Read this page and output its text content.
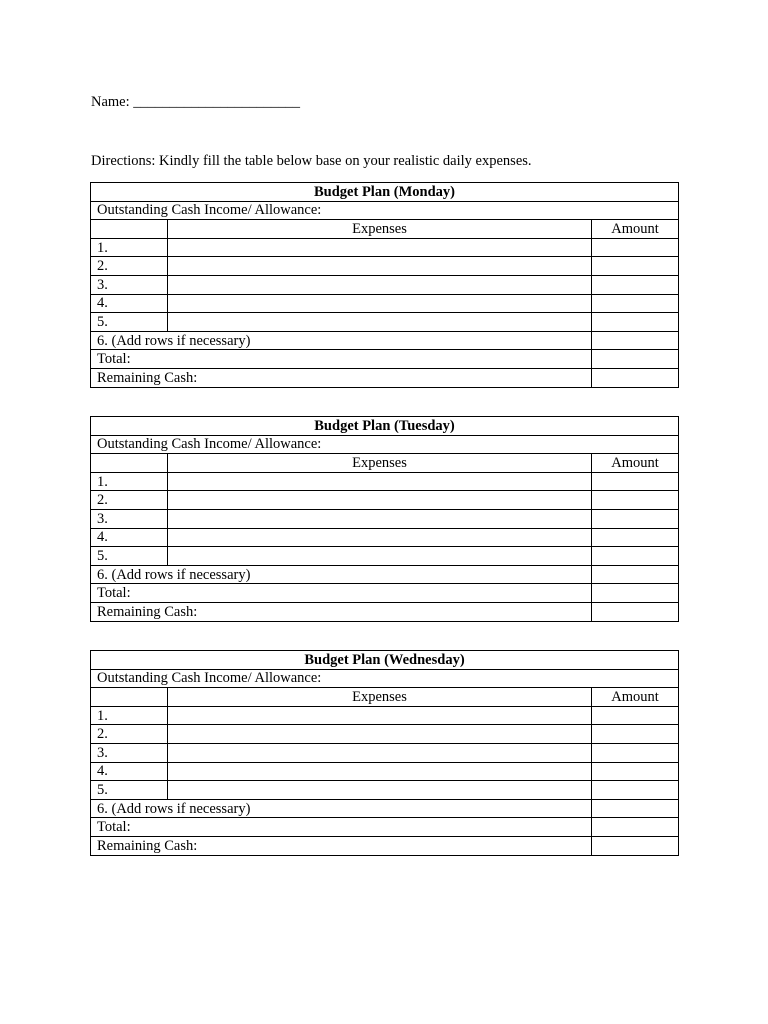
Name: _______________________
Directions: Kindly fill the table below base on your realistic daily expenses.
Budget Plan (Monday)		
Outstanding Cash Income/ Allowance:		
	Expenses	Amount
1.		
2.		
3.		
4.		
5.		
6. (Add rows if necessary)		
Total:		
Remaining Cash:		
Budget Plan (Tuesday)		
Outstanding Cash Income/ Allowance:		
	Expenses	Amount
1.		
2.		
3.		
4.		
5.		
6. (Add rows if necessary)		
Total:		
Remaining Cash:		
Budget Plan (Wednesday)		
Outstanding Cash Income/ Allowance:		
	Expenses	Amount
1.		
2.		
3.		
4.		
5.		
6. (Add rows if necessary)		
Total:		
Remaining Cash:		
